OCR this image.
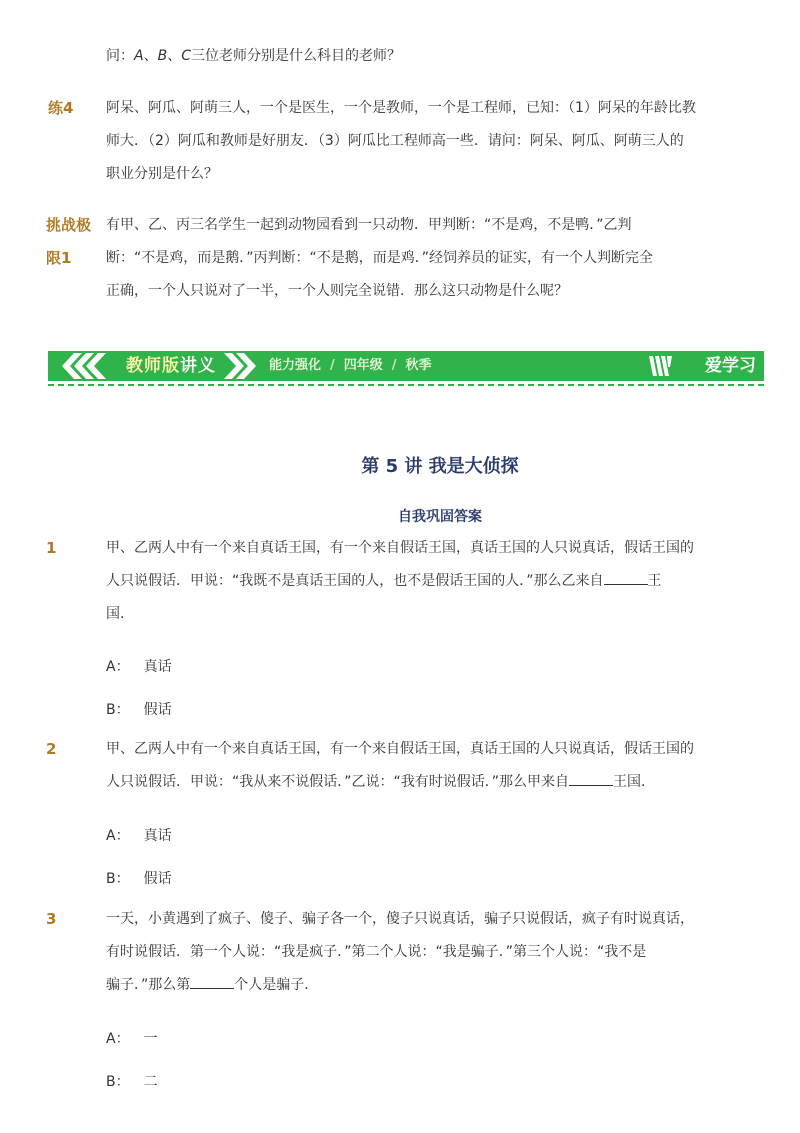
问：A、B、C三位老师分别是什么科目的老师？
练4 阿呆、阿瓜、阿萌三人，一个是医生，一个是教师，一个是工程师，已知：（1）阿呆的年龄比教
师大．（2）阿瓜和教师是好朋友．（3）阿瓜比工程师高一些．请问：阿呆、阿瓜、阿萌三人的
职业分别是什么？
挑战极
限1
有甲、乙、丙三名学生一起到动物园看到一只动物．甲判断：“不是鸡，不是鸭．”乙判
断：“不是鸡，而是鹅．”丙判断：“不是鹅，而是鸡．”经饲养员的证实，有一个人判断完全
正确，一个人只说对了一半，一个人则完全说错．那么这只动物是什么呢？
教师版讲义	能力强化 / 四年级 / 秋季	爱学习
第 5 讲 我是大侦探
自我巩固答案
1	甲、乙两人中有一个来自真话王国，有一个来自假话王国，真话王国的人只说真话，假话王国的
人只说假话．甲说：“我既不是真话王国的人，也不是假话王国的人．”那么乙来自	王
国．
A： 真话
B： 假话
2	甲、乙两人中有一个来自真话王国，有一个来自假话王国，真话王国的人只说真话，假话王国的
人只说假话．甲说：“我从来不说假话．”乙说：“我有时说假话．”那么甲来自	王国．
A： 真话
B： 假话
3	一天，小黄遇到了疯子、傻子、骗子各一个，傻子只说真话，骗子只说假话，疯子有时说真话，
有时说假话．第一个人说：“我是疯子．”第二个人说：“我是骗子．”第三个人说：“我不是
骗子．”那么第	个人是骗子．
A： 一
B： 二
